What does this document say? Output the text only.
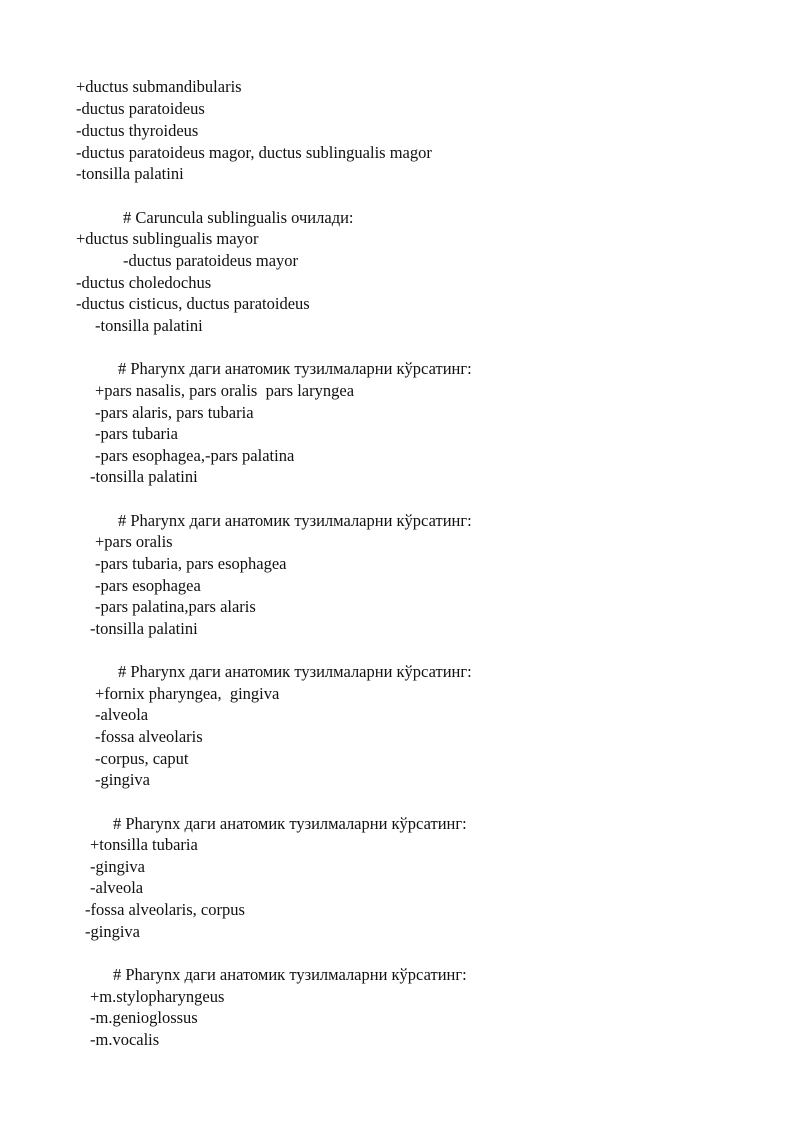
+ductus submandibularis

-ductus paratoideus

-ductus thyroideus

-ductus paratoideus magor, ductus sublingualis magor

-tonsilla palatini

# Caruncula sublingualis очилади:

+ductus sublingualis mayor

-ductus paratoideus mayor

-ductus choledochus

-ductus cisticus, ductus paratoideus

-tonsilla palatini

# Pharynx даги анатомик тузилмаларни кўрсатинг:

+pars nasalis, pars oralis  pars laryngea

-pars alaris, pars tubaria

-pars tubaria

-pars esophagea,-pars palatina

-tonsilla palatini

# Pharynx даги анатомик тузилмаларни кўрсатинг:

+pars oralis

-pars tubaria, pars esophagea

-pars esophagea

-pars palatina,pars alaris

-tonsilla palatini

# Pharynx даги анатомик тузилмаларни кўрсатинг:

+fornix pharyngea,  gingiva

-alveola

-fossa alveolaris

-corpus, caput

-gingiva

# Pharynx даги анатомик тузилмаларни кўрсатинг:

+tonsilla tubaria

-gingiva

-alveola

-fossa alveolaris, corpus

-gingiva

# Pharynx даги анатомик тузилмаларни кўрсатинг:

+m.stylopharyngeus

-m.genioglossus

-m.vocalis
